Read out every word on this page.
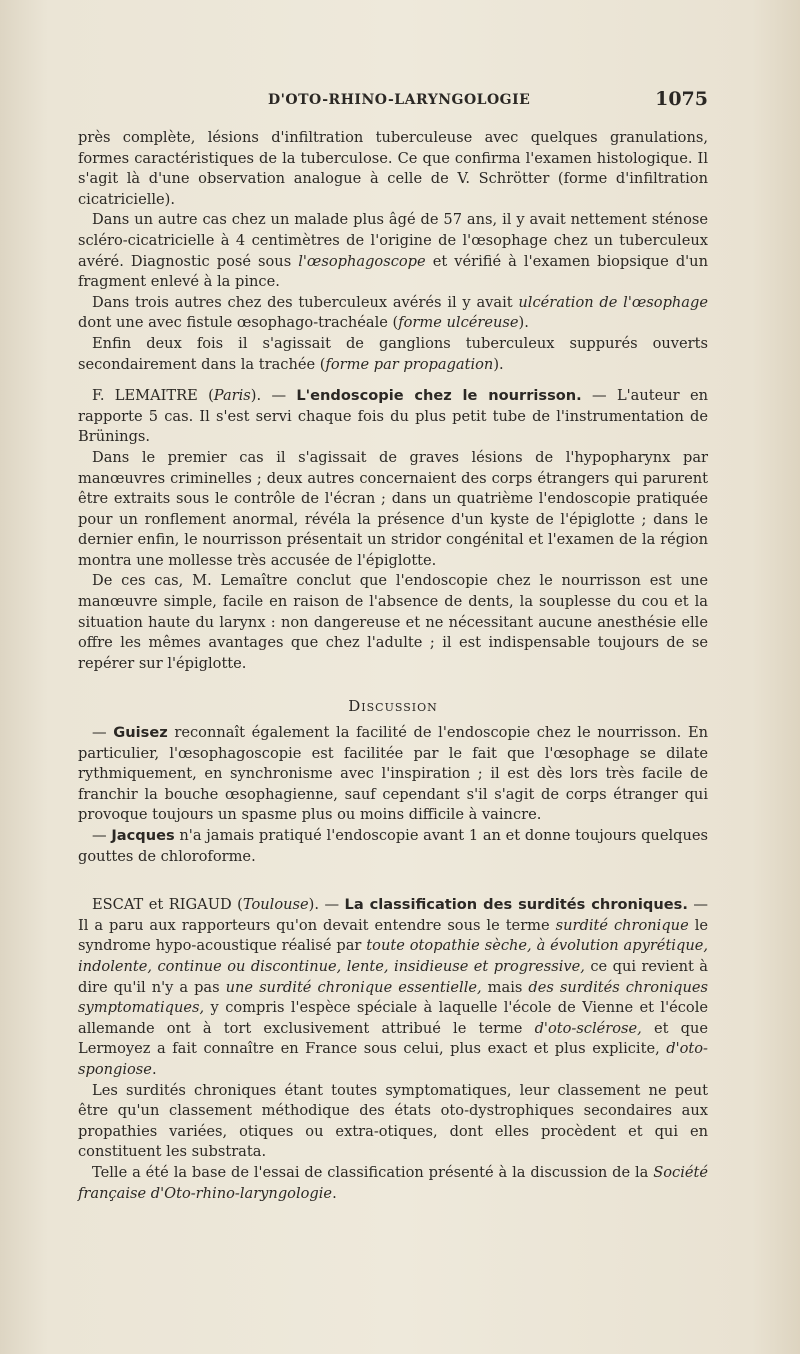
D'OTO-RHINO-LARYNGOLOGIE	1075

près complète, lésions d'infiltration tuberculeuse avec quelques granulations, formes caractéristiques de la tuberculose. Ce que confirma l'examen histologique. Il s'agit là d'une observation analogue à celle de V. Schrötter (forme d'infiltration cicatricielle).

Dans un autre cas chez un malade plus âgé de 57 ans, il y avait nettement sténose scléro-cicatricielle à 4 centimètres de l'origine de l'œsophage chez un tuberculeux avéré. Diagnostic posé sous l'œsophagoscope et vérifié à l'examen biopsique d'un fragment enlevé à la pince.

Dans trois autres chez des tuberculeux avérés il y avait ulcération de l'œsophage dont une avec fistule œsophago-trachéale (forme ulcéreuse).

Enfin deux fois il s'agissait de ganglions tuberculeux suppurés ouverts secondairement dans la trachée (forme par propagation).

F. LEMAITRE (Paris). — L'endoscopie chez le nourrisson. — L'auteur en rapporte 5 cas. Il s'est servi chaque fois du plus petit tube de l'instrumentation de Brünings.

Dans le premier cas il s'agissait de graves lésions de l'hypopharynx par manœuvres criminelles ; deux autres concernaient des corps étrangers qui parurent être extraits sous le contrôle de l'écran ; dans un quatrième l'endoscopie pratiquée pour un ronflement anormal, révéla la présence d'un kyste de l'épiglotte ; dans le dernier enfin, le nourrisson présentait un stridor congénital et l'examen de la région montra une mollesse très accusée de l'épiglotte.

De ces cas, M. Lemaître conclut que l'endoscopie chez le nourrisson est une manœuvre simple, facile en raison de l'absence de dents, la souplesse du cou et la situation haute du larynx : non dangereuse et ne nécessitant aucune anesthésie elle offre les mêmes avantages que chez l'adulte ; il est indispensable toujours de se repérer sur l'épiglotte.

Discussion

— Guisez reconnaît également la facilité de l'endoscopie chez le nourrisson. En particulier, l'œsophagoscopie est facilitée par le fait que l'œsophage se dilate rythmiquement, en synchronisme avec l'inspiration ; il est dès lors très facile de franchir la bouche œsophagienne, sauf cependant s'il s'agit de corps étranger qui provoque toujours un spasme plus ou moins difficile à vaincre.

— Jacques n'a jamais pratiqué l'endoscopie avant 1 an et donne toujours quelques gouttes de chloroforme.

ESCAT et RIGAUD (Toulouse). — La classification des surdités chroniques. — Il a paru aux rapporteurs qu'on devait entendre sous le terme surdité chronique le syndrome hypo-acoustique réalisé par toute otopathie sèche, à évolution apyrétique, indolente, continue ou discontinue, lente, insidieuse et progressive, ce qui revient à dire qu'il n'y a pas une surdité chronique essentielle, mais des surdités chroniques symptomatiques, y compris l'espèce spéciale à laquelle l'école de Vienne et l'école allemande ont à tort exclusivement attribué le terme d'oto-sclérose, et que Lermoyez a fait connaître en France sous celui, plus exact et plus explicite, d'oto-spongiose.

Les surdités chroniques étant toutes symptomatiques, leur classement ne peut être qu'un classement méthodique des états oto-dystrophiques secondaires aux propathies variées, otiques ou extra-otiques, dont elles procèdent et qui en constituent les substrata.

Telle a été la base de l'essai de classification présenté à la discussion de la Société française d'Oto-rhino-laryngologie.
